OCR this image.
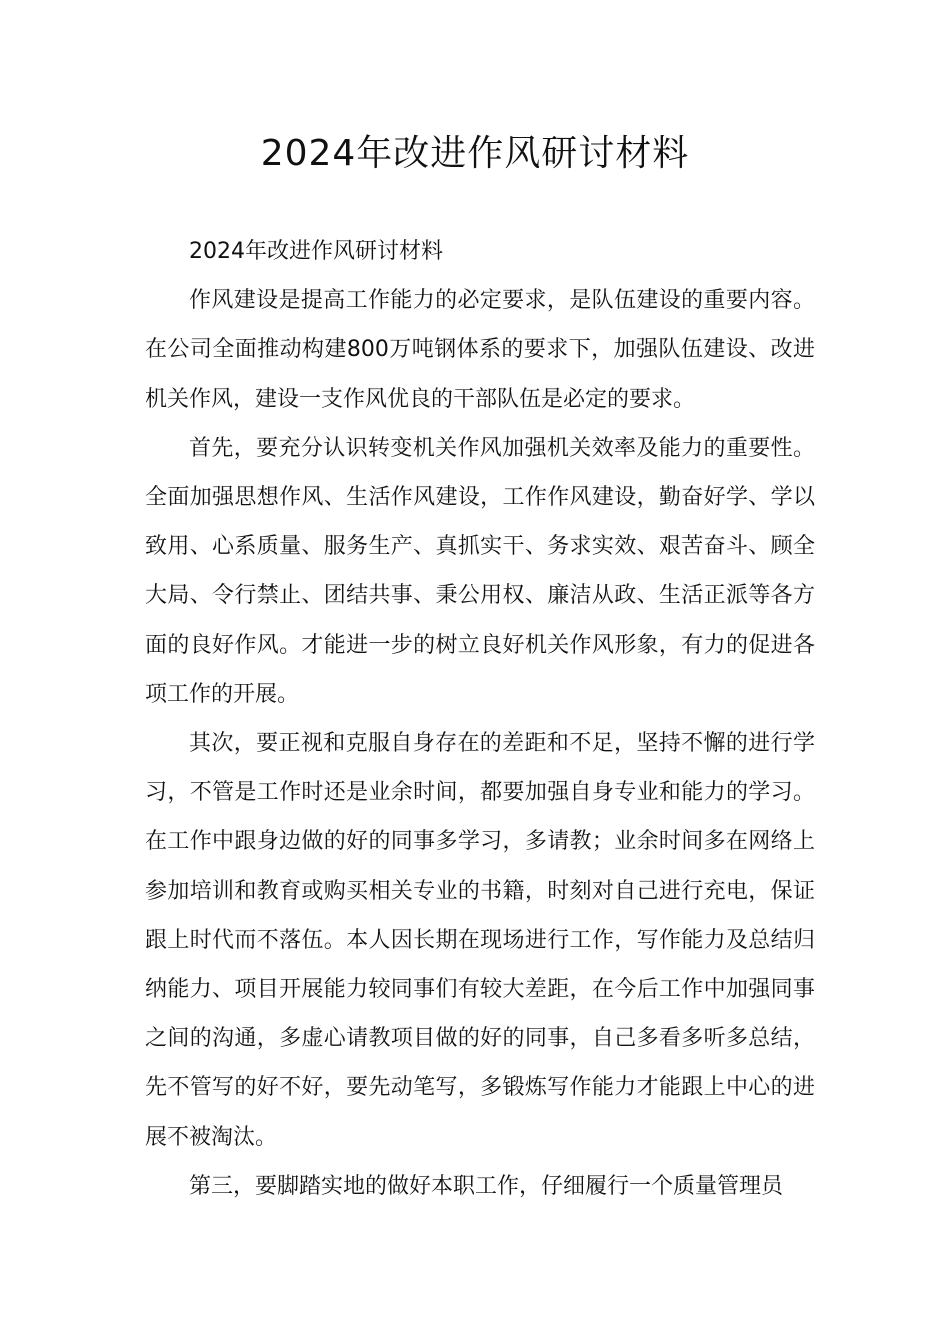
2024年改进作风研讨材料

2024年改进作风研讨材料

作风建设是提高工作能力的必定要求，是队伍建设的重要内容。在公司全面推动构建800万吨钢体系的要求下，加强队伍建设、改进机关作风，建设一支作风优良的干部队伍是必定的要求。

首先，要充分认识转变机关作风加强机关效率及能力的重要性。全面加强思想作风、生活作风建设，工作作风建设，勤奋好学、学以致用、心系质量、服务生产、真抓实干、务求实效、艰苦奋斗、顾全大局、令行禁止、团结共事、秉公用权、廉洁从政、生活正派等各方面的良好作风。才能进一步的树立良好机关作风形象，有力的促进各项工作的开展。

其次，要正视和克服自身存在的差距和不足，坚持不懈的进行学习，不管是工作时还是业余时间，都要加强自身专业和能力的学习。在工作中跟身边做的好的同事多学习，多请教；业余时间多在网络上参加培训和教育或购买相关专业的书籍，时刻对自己进行充电，保证跟上时代而不落伍。本人因长期在现场进行工作，写作能力及总结归纳能力、项目开展能力较同事们有较大差距，在今后工作中加强同事之间的沟通，多虚心请教项目做的好的同事，自己多看多听多总结，先不管写的好不好，要先动笔写，多锻炼写作能力才能跟上中心的进展不被淘汰。

第三，要脚踏实地的做好本职工作，仔细履行一个质量管理员
